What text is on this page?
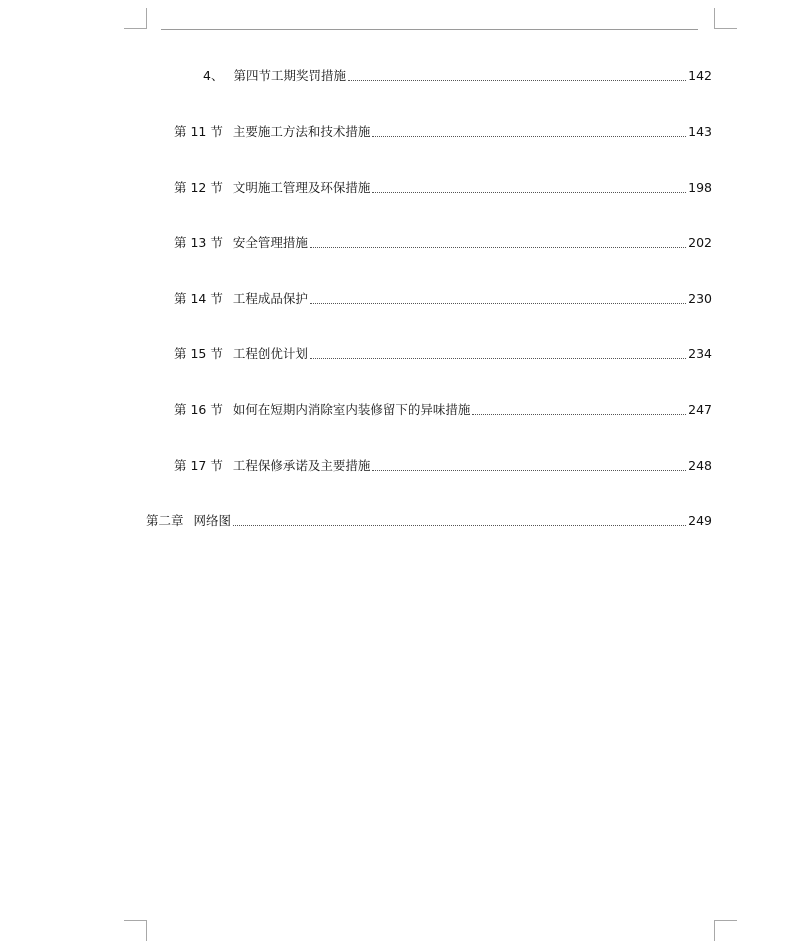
4、 第四节工期奖罚措施	142
第 11 节 主要施工方法和技术措施	143
第 12 节 文明施工管理及环保措施	198
第 13 节 安全管理措施	202
第 14 节 工程成品保护	230
第 15 节 工程创优计划	234
第 16 节 如何在短期内消除室内装修留下的异味措施	247
第 17 节 工程保修承诺及主要措施	248
第二章 网络图	249
